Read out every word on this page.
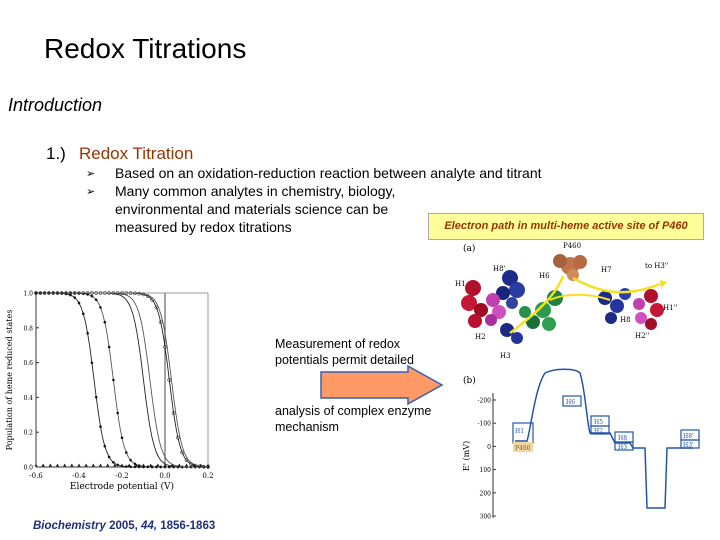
Redox Titrations
Introduction
1.) Redox Titration
➢ Based on an oxidation-reduction reaction between analyte and titrant
➢ Many common analytes in chemistry, biology, environmental and materials science can be measured by redox titrations	Electron path in multi-heme active site of P460
-0.6	-0.4	-0.2	0.0	0.2
0.0
0.2
0.4
0.6
0.8
1.0
Electrode potential (V)
Population of heme reduced states	Measurement of redox potentials permit detailed
analysis of complex enzyme mechanism
(a)	P460
H7	to H3''
H8'
H6
H1
H1''
H8
H2	H2''
H3
(b)
E' (mV)
-200
-100
0
100
200
300
H1
P460
H6
H5
H2
H8
H3
H8'
H3'
Biochemistry 2005, 44, 1856-1863
